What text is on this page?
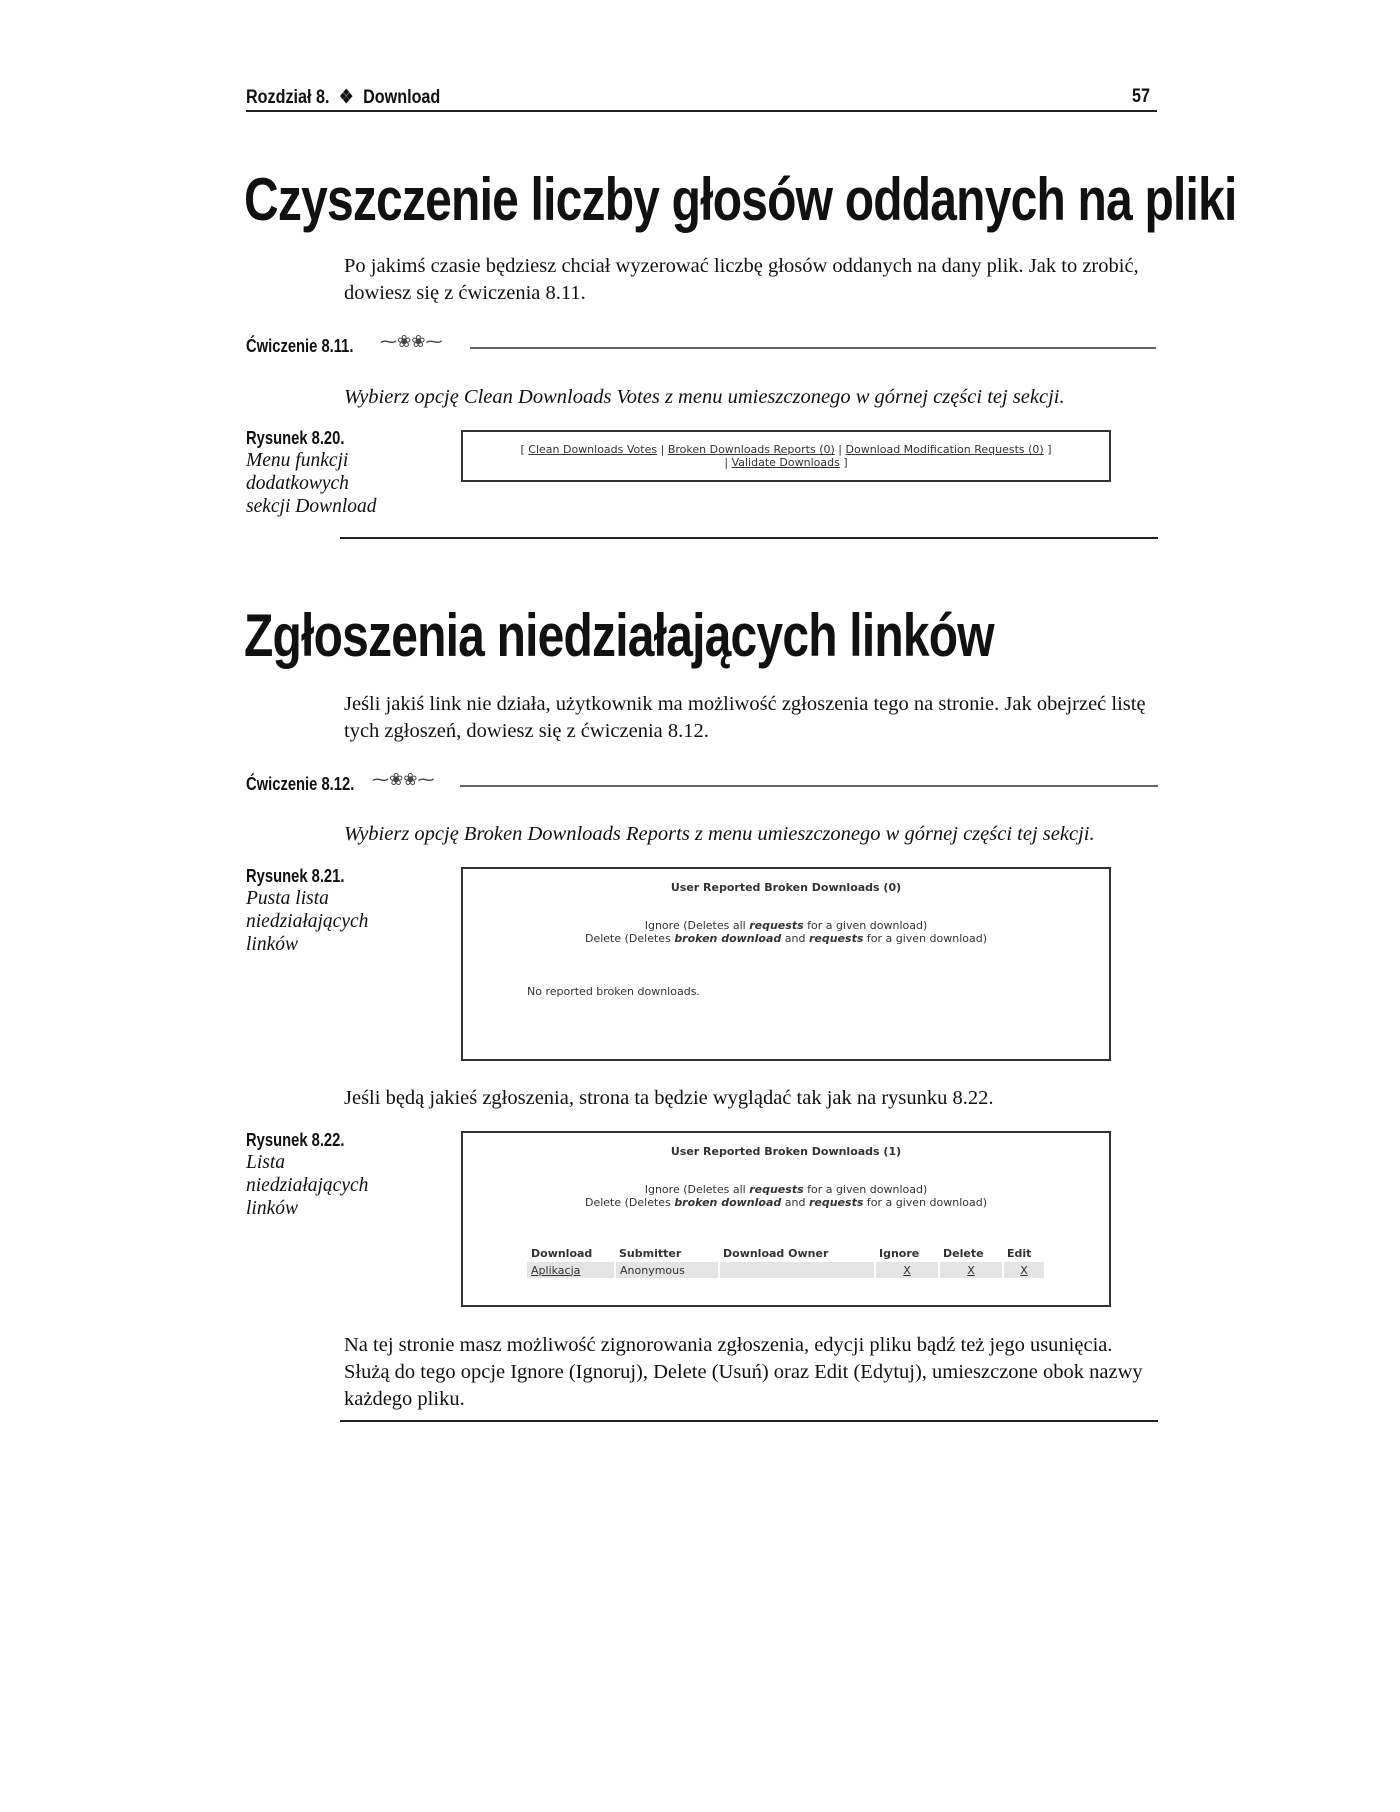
Rozdział 8. ❖ Download	57
Czyszczenie liczby głosów oddanych na pliki
Po jakimś czasie będziesz chciał wyzerować liczbę głosów oddanych na dany plik. Jak to zrobić, dowiesz się z ćwiczenia 8.11.
Ćwiczenie 8.11. ⁓❀❀⁓
Wybierz opcję Clean Downloads Votes z menu umieszczonego w górnej części tej sekcji.
Rysunek 8.20.
Menu funkcji dodatkowych sekcji Download
[ Clean Downloads Votes | Broken Downloads Reports (0) | Download Modification Requests (0) ]
| Validate Downloads ]
Zgłoszenia niedziałających linków
Jeśli jakiś link nie działa, użytkownik ma możliwość zgłoszenia tego na stronie. Jak obejrzeć listę tych zgłoszeń, dowiesz się z ćwiczenia 8.12.
Ćwiczenie 8.12. ⁓❀❀⁓
Wybierz opcję Broken Downloads Reports z menu umieszczonego w górnej części tej sekcji.
Rysunek 8.21.
Pusta lista niedziałających linków
User Reported Broken Downloads (0)
Ignore (Deletes all requests for a given download)
Delete (Deletes broken download and requests for a given download)
No reported broken downloads.
Jeśli będą jakieś zgłoszenia, strona ta będzie wyglądać tak jak na rysunku 8.22.
Rysunek 8.22.
Lista niedziałających linków
User Reported Broken Downloads (1)
Ignore (Deletes all requests for a given download)
Delete (Deletes broken download and requests for a given download)
Download	Submitter	Download Owner	Ignore	Delete	Edit
Aplikacja	Anonymous		X	X	X
Na tej stronie masz możliwość zignorowania zgłoszenia, edycji pliku bądź też jego usunięcia. Służą do tego opcje Ignore (Ignoruj), Delete (Usuń) oraz Edit (Edytuj), umieszczone obok nazwy każdego pliku.
